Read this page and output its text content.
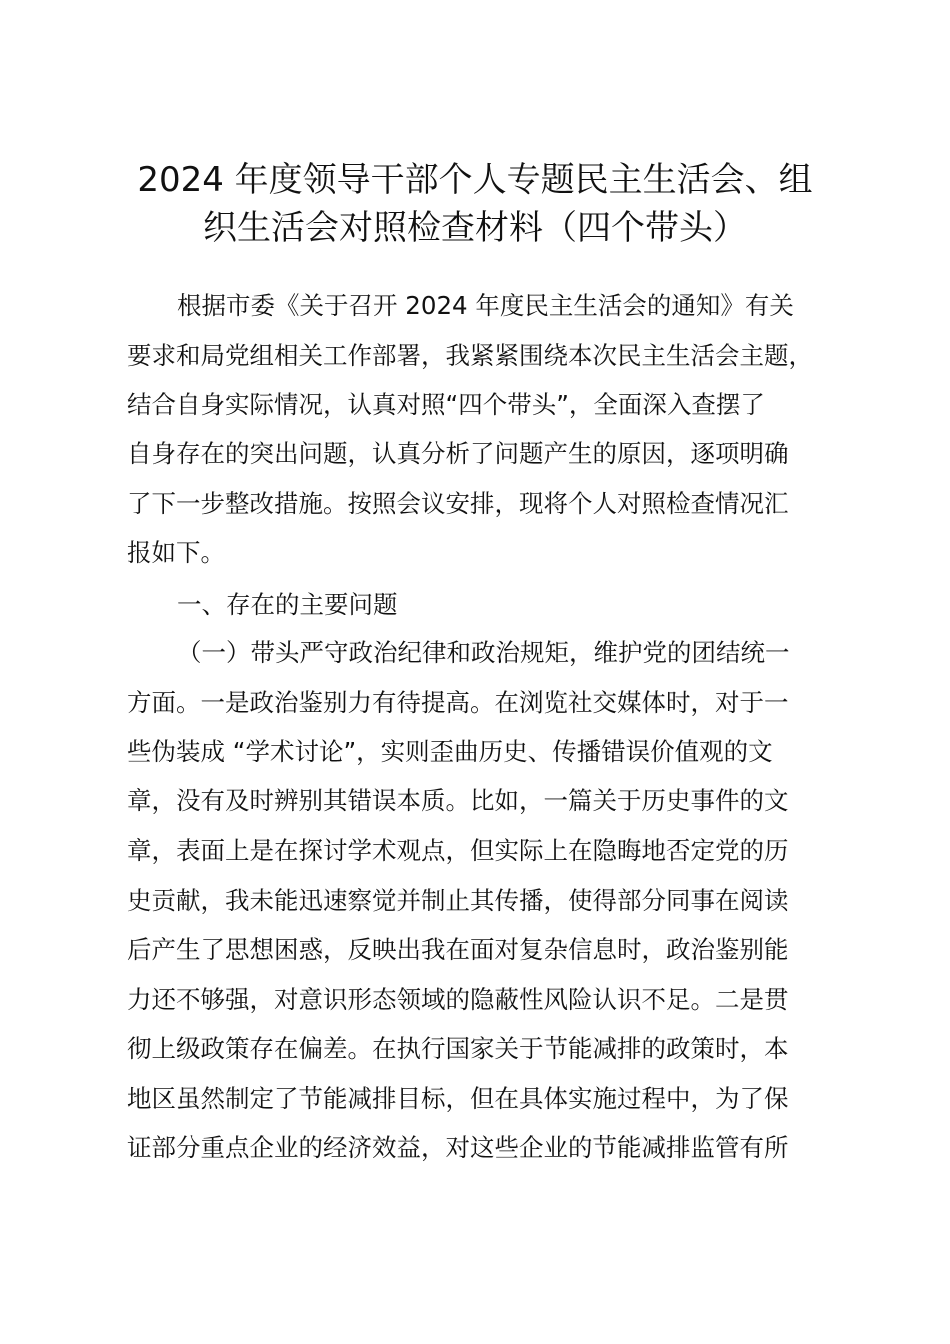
2024 年度领导干部个人专题民主生活会、组
织生活会对照检查材料（四个带头）

根据市委《关于召开 2024 年度民主生活会的通知》有关

要求和局党组相关工作部署，我紧紧围绕本次民主生活会主题，

结合自身实际情况，认真对照“四个带头”，全面深入查摆了

自身存在的突出问题，认真分析了问题产生的原因，逐项明确

了下一步整改措施。按照会议安排，现将个人对照检查情况汇

报如下。

一、存在的主要问题

（一）带头严守政治纪律和政治规矩，维护党的团结统一

方面。一是政治鉴别力有待提高。在浏览社交媒体时，对于一

些伪装成 “学术讨论”，实则歪曲历史、传播错误价值观的文

章，没有及时辨别其错误本质。比如，一篇关于历史事件的文

章，表面上是在探讨学术观点，但实际上在隐晦地否定党的历

史贡献，我未能迅速察觉并制止其传播，使得部分同事在阅读

后产生了思想困惑，反映出我在面对复杂信息时，政治鉴别能

力还不够强，对意识形态领域的隐蔽性风险认识不足。二是贯

彻上级政策存在偏差。在执行国家关于节能减排的政策时，本

地区虽然制定了节能减排目标，但在具体实施过程中，为了保

证部分重点企业的经济效益，对这些企业的节能减排监管有所
